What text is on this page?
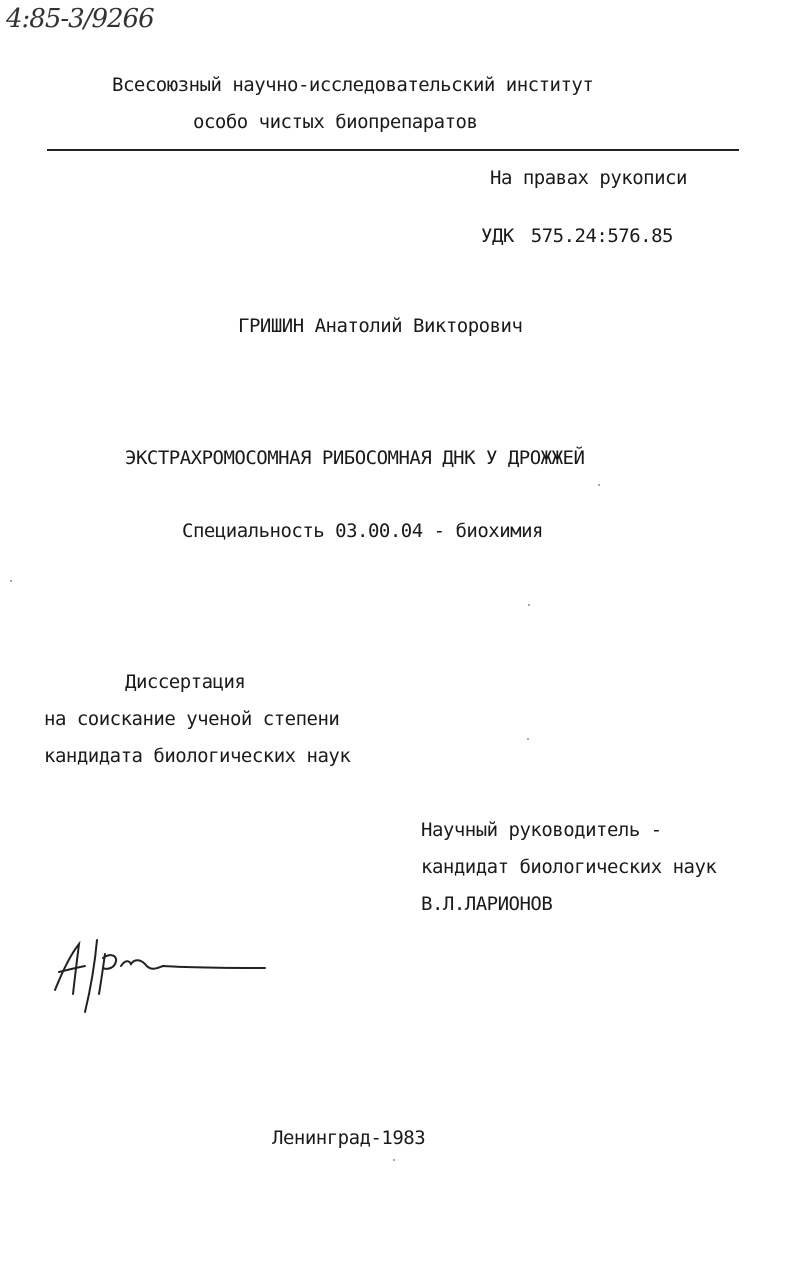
4:85-3/9266
Всесоюзный научно-исследовательский институт
особо чистых биопрепаратов
На правах рукописи
УДК 575.24:576.85
ГРИШИН Анатолий Викторович
ЭКСТРАХРОМОСОМНАЯ РИБОСОМНАЯ ДНК У ДРОЖЖЕЙ
Специальность 03.00.04 - биохимия
Диссертация
на соискание ученой степени
кандидата биологических наук
Научный руководитель -
кандидат биологических наук
В.Л.ЛАРИОНОВ
Ленинград-1983
